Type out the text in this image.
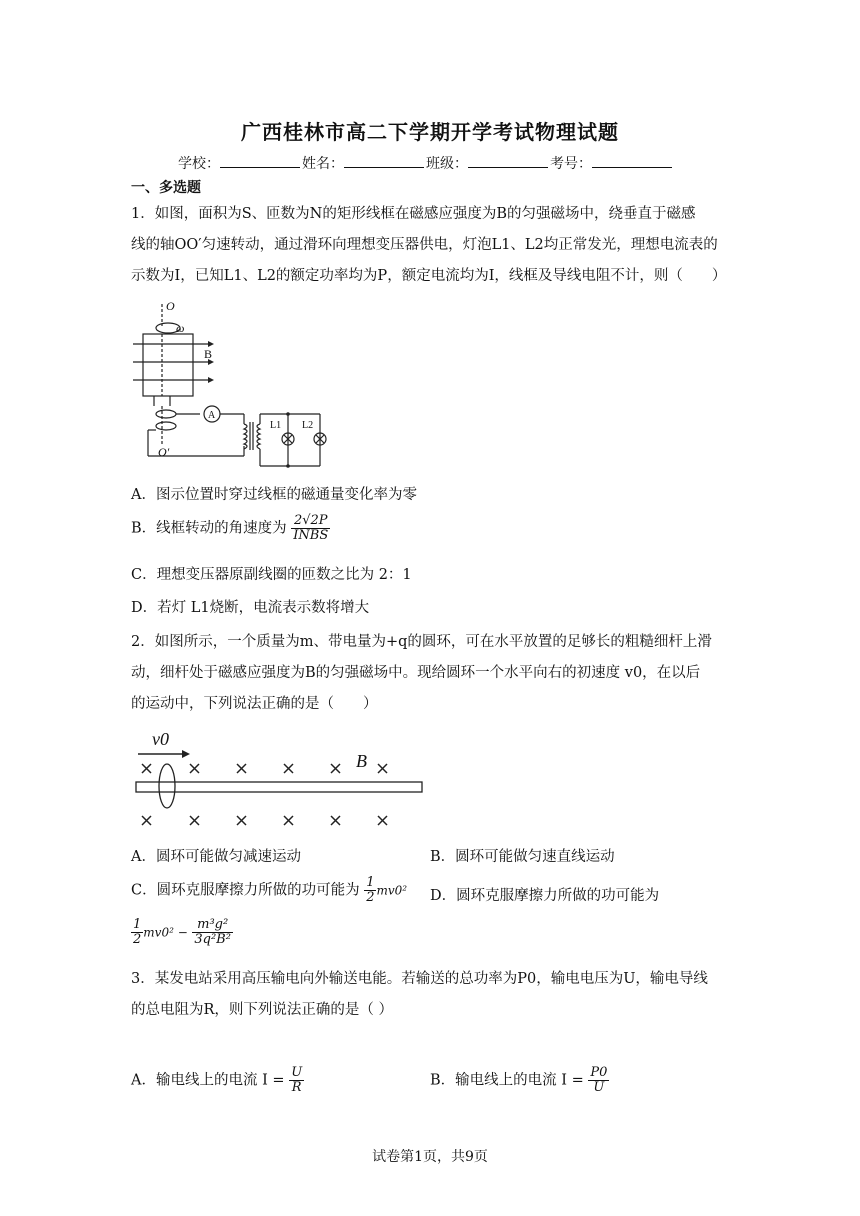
广西桂林市高二下学期开学考试物理试题
学校：	姓名：	班级：	考号：
一、多选题
1．如图，面积为S、匝数为N的矩形线框在磁感应强度为B的匀强磁场中，绕垂直于磁感
线的轴OO′匀速转动，通过滑环向理想变压器供电，灯泡L1、L2均正常发光，理想电流表的
示数为I，已知L1、L2的额定功率均为P，额定电流均为I，线框及导线电阻不计，则（　　）
O
ω
B
A
O′
L1 L2
A．图示位置时穿过线框的磁通量变化率为零
B．线框转动的角速度为 $\frac{2√2P}{\text{INBS}}$
C．理想变压器原副线圈的匝数之比为 2：1
D．若灯 L1烧断，电流表示数将增大
2．如图所示，一个质量为m、带电量为+q的圆环，可在水平放置的足够长的粗糙细杆上滑
动，细杆处于磁感应强度为B的匀强磁场中。现给圆环一个水平向右的初速度 v0，在以后
的运动中，下列说法正确的是（　　）
v0
B
A．圆环可能做匀减速运动	B．圆环可能做匀速直线运动
C．圆环克服摩擦力所做的功可能为 $\frac{1}{2} mv0^2$ D．圆环克服摩擦力所做的功可能为
$\frac{1}{2} mv0^2 - \frac{\text{m³g²}}{\text{3q²B²}}$
3．某发电站采用高压输电向外输送电能。若输送的总功率为P0，输电电压为U，输电导线
的总电阻为R，则下列说法正确的是（ ）
A．输电线上的电流 $I = \frac{U}{R}$	B．输电线上的电流 $I = \frac{P0}{U}$
试卷第1页，共9页
